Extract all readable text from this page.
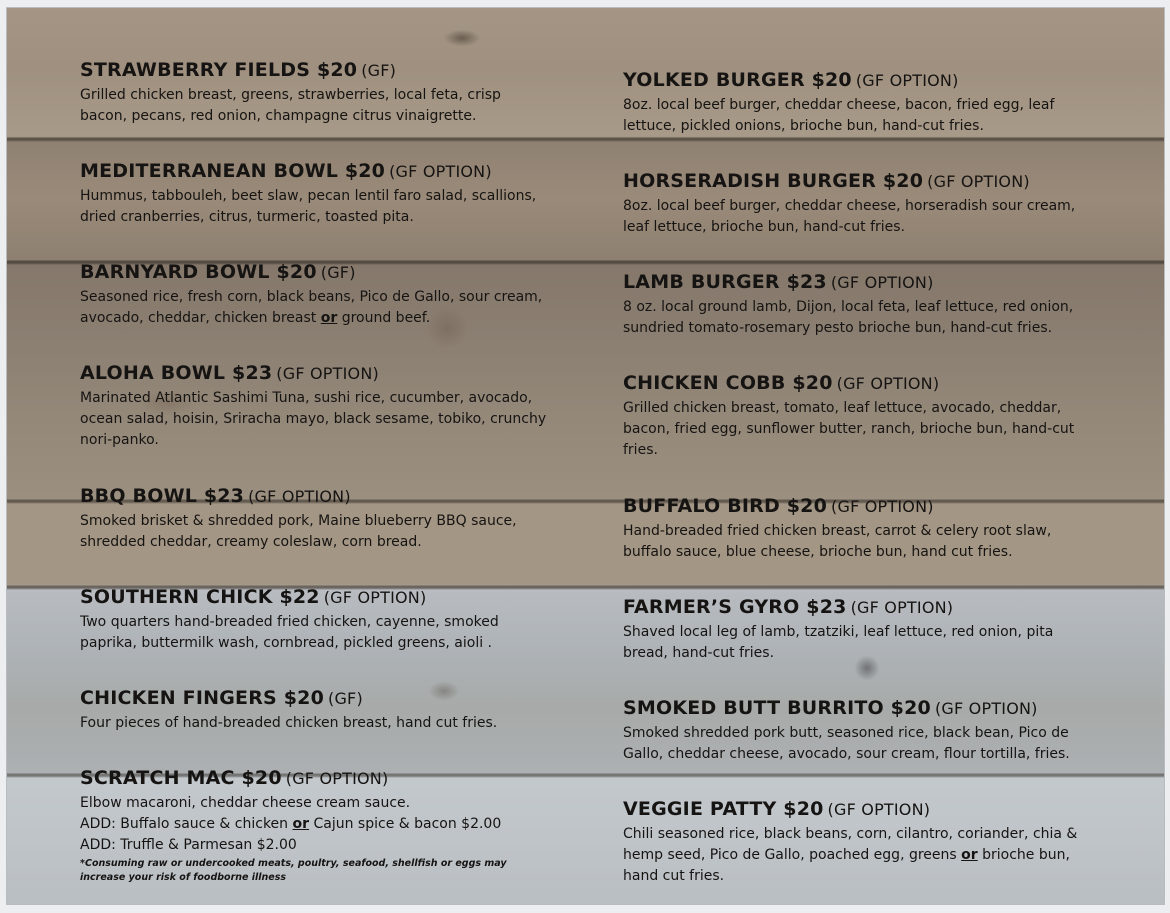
STRAWBERRY FIELDS $20 (GF)
Grilled chicken breast, greens, strawberries, local feta, crisp bacon, pecans, red onion, champagne citrus vinaigrette.
MEDITERRANEAN BOWL $20 (GF OPTION)
Hummus, tabbouleh, beet slaw, pecan lentil faro salad, scallions, dried cranberries, citrus, turmeric, toasted pita.
BARNYARD BOWL $20 (GF)
Seasoned rice, fresh corn, black beans, Pico de Gallo, sour cream, avocado, cheddar, chicken breast or ground beef.
ALOHA BOWL $23 (GF OPTION)
Marinated Atlantic Sashimi Tuna, sushi rice, cucumber, avocado, ocean salad, hoisin, Sriracha mayo, black sesame, tobiko, crunchy nori-panko.
BBQ BOWL $23 (GF OPTION)
Smoked brisket & shredded pork, Maine blueberry BBQ sauce, shredded cheddar, creamy coleslaw, corn bread.
SOUTHERN CHICK $22 (GF OPTION)
Two quarters hand-breaded fried chicken, cayenne, smoked paprika, buttermilk wash, cornbread, pickled greens, aioli .
CHICKEN FINGERS $20 (GF)
Four pieces of hand-breaded chicken breast, hand cut fries.
SCRATCH MAC $20 (GF OPTION)
Elbow macaroni, cheddar cheese cream sauce.
ADD: Buffalo sauce & chicken or Cajun spice & bacon $2.00
ADD: Truffle & Parmesan $2.00
*Consuming raw or undercooked meats, poultry, seafood, shellfish or eggs may increase your risk of foodborne illness
YOLKED BURGER $20 (GF OPTION)
8oz. local beef burger, cheddar cheese, bacon, fried egg, leaf lettuce, pickled onions, brioche bun, hand-cut fries.
HORSERADISH BURGER $20 (GF OPTION)
8oz. local beef burger, cheddar cheese, horseradish sour cream, leaf lettuce, brioche bun, hand-cut fries.
LAMB BURGER $23 (GF OPTION)
8 oz. local ground lamb, Dijon, local feta, leaf lettuce, red onion, sundried tomato-rosemary pesto brioche bun, hand-cut fries.
CHICKEN COBB $20 (GF OPTION)
Grilled chicken breast, tomato, leaf lettuce, avocado, cheddar, bacon, fried egg, sunflower butter, ranch, brioche bun, hand-cut fries.
BUFFALO BIRD $20 (GF OPTION)
Hand-breaded fried chicken breast, carrot & celery root slaw, buffalo sauce, blue cheese, brioche bun, hand cut fries.
FARMER’S GYRO $23 (GF OPTION)
Shaved local leg of lamb, tzatziki, leaf lettuce, red onion, pita bread, hand-cut fries.
SMOKED BUTT BURRITO $20 (GF OPTION)
Smoked shredded pork butt, seasoned rice, black bean, Pico de Gallo, cheddar cheese, avocado, sour cream, flour tortilla, fries.
VEGGIE PATTY $20 (GF OPTION)
Chili seasoned rice, black beans, corn, cilantro, coriander, chia & hemp seed, Pico de Gallo, poached egg, greens or brioche bun, hand cut fries.
